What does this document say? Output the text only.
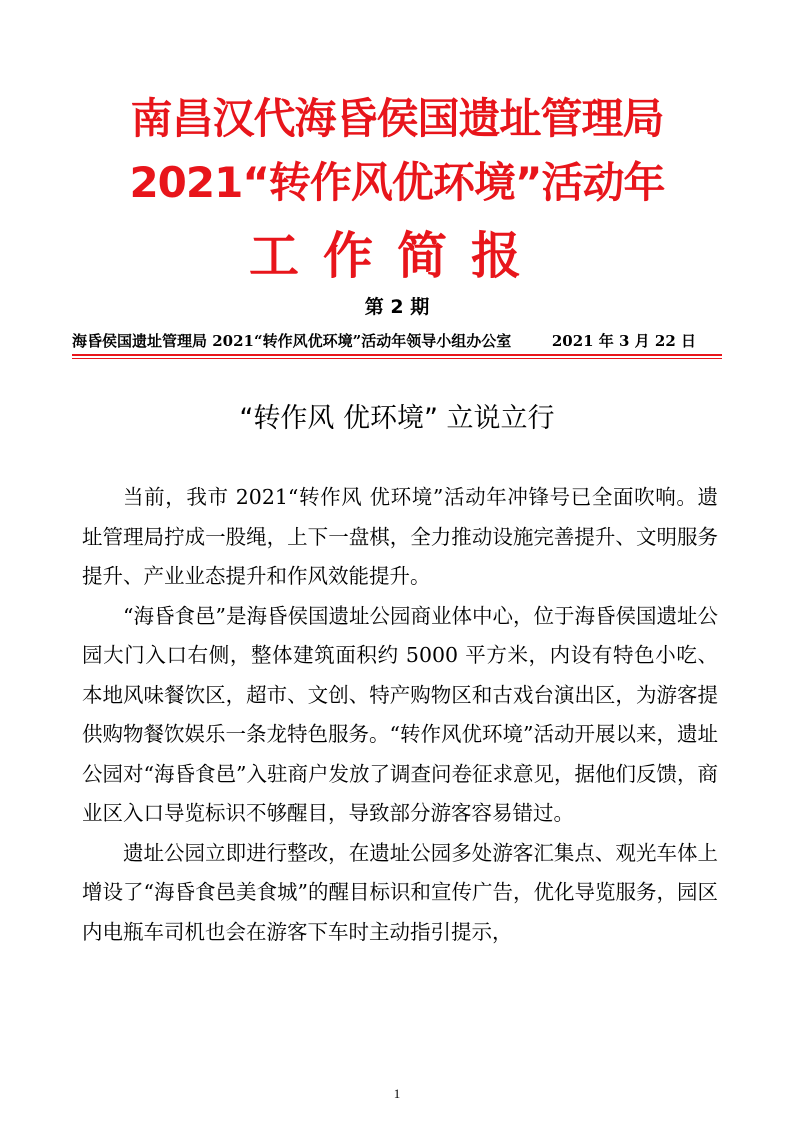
南昌汉代海昏侯国遗址管理局
2021“转作风优环境”活动年
工作简报
第 2 期
海昏侯国遗址管理局 2021“转作风优环境”活动年领导小组办公室	2021 年 3 月 22 日
“转作风 优环境” 立说立行

当前，我市 2021“转作风 优环境”活动年冲锋号已全面吹响。遗址管理局拧成一股绳，上下一盘棋，全力推动设施完善提升、文明服务提升、产业业态提升和作风效能提升。

“海昏食邑”是海昏侯国遗址公园商业体中心，位于海昏侯国遗址公园大门入口右侧，整体建筑面积约 5000 平方米，内设有特色小吃、本地风味餐饮区，超市、文创、特产购物区和古戏台演出区，为游客提供购物餐饮娱乐一条龙特色服务。“转作风优环境”活动开展以来，遗址公园对“海昏食邑”入驻商户发放了调查问卷征求意见，据他们反馈，商业区入口导览标识不够醒目，导致部分游客容易错过。

遗址公园立即进行整改，在遗址公园多处游客汇集点、观光车体上增设了“海昏食邑美食城”的醒目标识和宣传广告，优化导览服务，园区内电瓶车司机也会在游客下车时主动指引提示，

1
